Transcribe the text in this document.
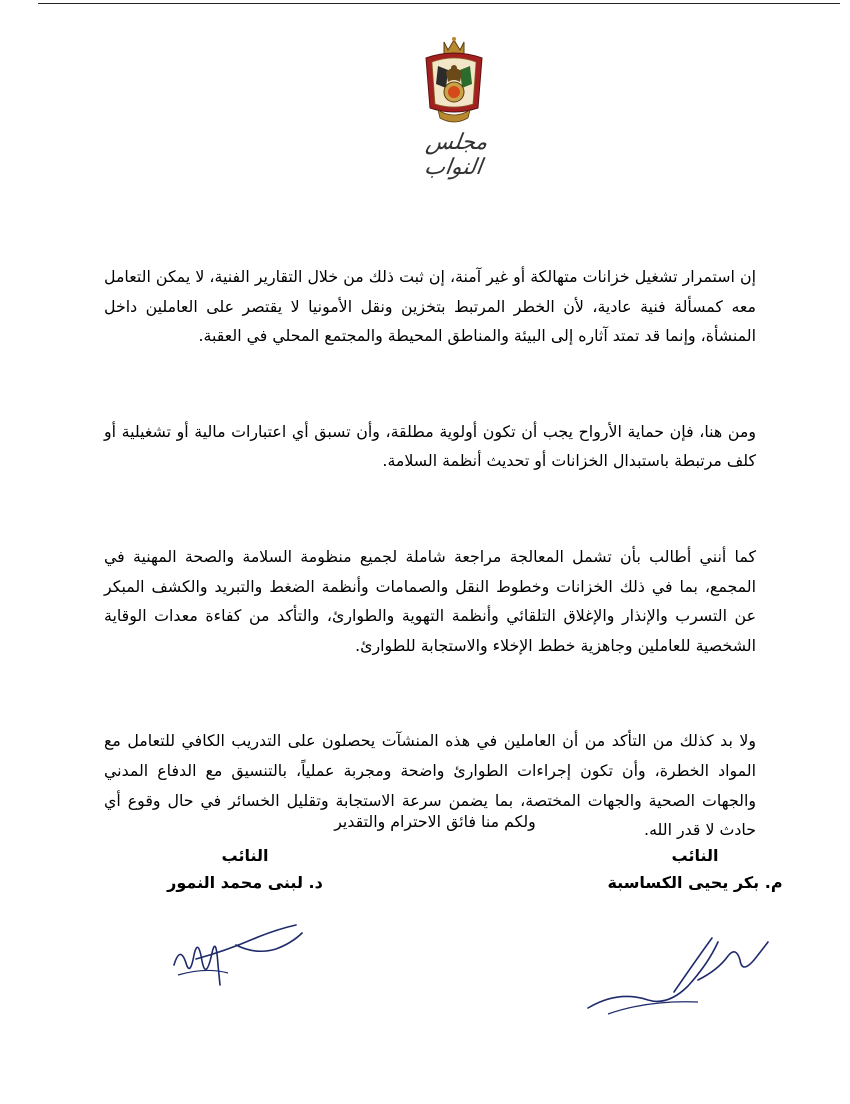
مجلس النواب

إن استمرار تشغيل خزانات متهالكة أو غير آمنة، إن ثبت ذلك من خلال التقارير الفنية، لا يمكن التعامل معه كمسألة فنية عادية، لأن الخطر المرتبط بتخزين ونقل الأمونيا لا يقتصر على العاملين داخل المنشأة، وإنما قد تمتد آثاره إلى البيئة والمناطق المحيطة والمجتمع المحلي في العقبة.

ومن هنا، فإن حماية الأرواح يجب أن تكون أولوية مطلقة، وأن تسبق أي اعتبارات مالية أو تشغيلية أو كلف مرتبطة باستبدال الخزانات أو تحديث أنظمة السلامة.

كما أنني أطالب بأن تشمل المعالجة مراجعة شاملة لجميع منظومة السلامة والصحة المهنية في المجمع، بما في ذلك الخزانات وخطوط النقل والصمامات وأنظمة الضغط والتبريد والكشف المبكر عن التسرب والإنذار والإغلاق التلقائي وأنظمة التهوية والطوارئ، والتأكد من كفاءة معدات الوقاية الشخصية للعاملين وجاهزية خطط الإخلاء والاستجابة للطوارئ.

ولا بد كذلك من التأكد من أن العاملين في هذه المنشآت يحصلون على التدريب الكافي للتعامل مع المواد الخطرة، وأن تكون إجراءات الطوارئ واضحة ومجربة عملياً، بالتنسيق مع الدفاع المدني والجهات الصحية والجهات المختصة، بما يضمن سرعة الاستجابة وتقليل الخسائر في حال وقوع أي حادث لا قدر الله.

ولكم منا فائق الاحترام والتقدير
النائب
د. لبنى محمد النمور
النائب
م. بكر يحيى الكساسبة
